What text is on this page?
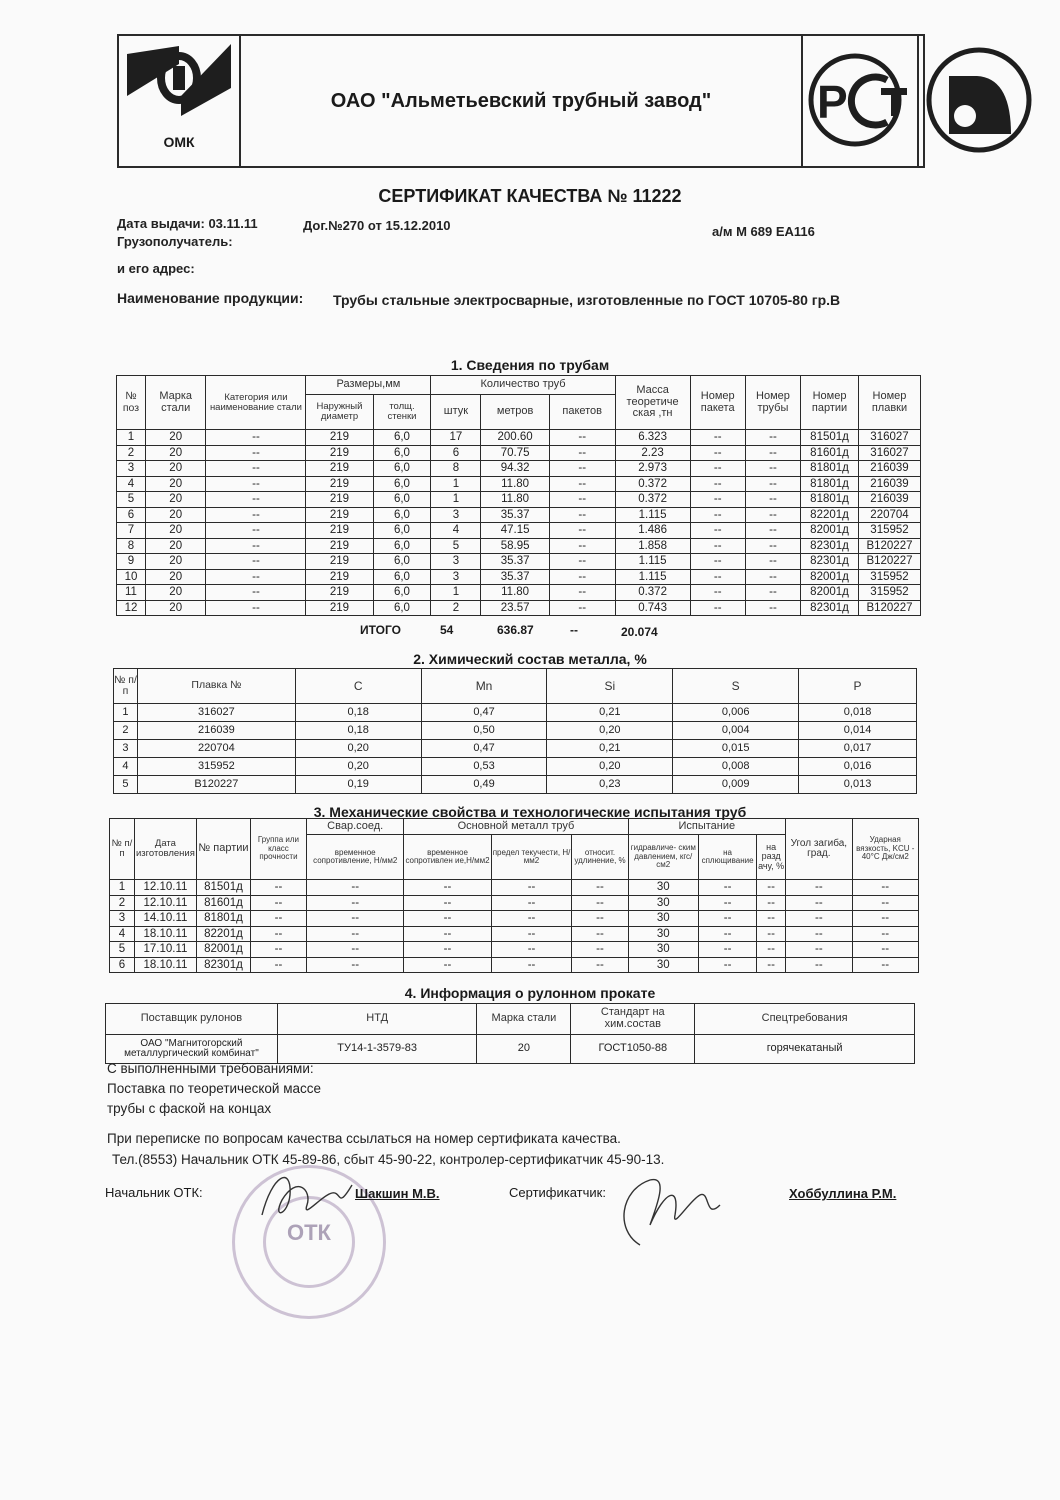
ОМК
ОАО "Альметьевский трубный завод"	Р
СЕРТИФИКАТ КАЧЕСТВА № 11222
Дата выдачи: 03.11.11	Дог.№270 от 15.12.2010	а/м М 689 ЕА116
Грузополучатель:
и его адрес:
Наименование продукции: Трубы стальные электросварные, изготовленные по ГОСТ 10705-80 гр.В
1. Сведения по трубам
№ поз	Марка стали	Категория или наименование стали	Размеры,мм		Количество труб			Масса теоретиче ская ,тн	Номер пакета	Номер трубы	Номер партии	Номер плавки
			Наружный диаметр	толщ. стенки	штук	метров	пакетов					
1	20	--	219	6,0	17	200.60	--	6.323	--	--	81501д	316027
2	20	--	219	6,0	6	70.75	--	2.23	--	--	81601д	316027
3	20	--	219	6,0	8	94.32	--	2.973	--	--	81801д	216039
4	20	--	219	6,0	1	11.80	--	0.372	--	--	81801д	216039
5	20	--	219	6,0	1	11.80	--	0.372	--	--	81801д	216039
6	20	--	219	6,0	3	35.37	--	1.115	--	--	82201д	220704
7	20	--	219	6,0	4	47.15	--	1.486	--	--	82001д	315952
8	20	--	219	6,0	5	58.95	--	1.858	--	--	82301д	В120227
9	20	--	219	6,0	3	35.37	--	1.115	--	--	82301д	В120227
10	20	--	219	6,0	3	35.37	--	1.115	--	--	82001д	315952
11	20	--	219	6,0	1	11.80	--	0.372	--	--	82001д	315952
12	20	--	219	6,0	2	23.57	--	0.743	--	--	82301д	В120227
ИТОГО	54	636.87	--	20.074
2. Химический состав металла, %
№ п/п	Плавка №	C	Mn	Si	S	P
1	316027	0,18	0,47	0,21	0,006	0,018
2	216039	0,18	0,50	0,20	0,004	0,014
3	220704	0,20	0,47	0,21	0,015	0,017
4	315952	0,20	0,53	0,20	0,008	0,016
5	В120227	0,19	0,49	0,23	0,009	0,013
3. Механические свойства и технологические испытания труб
№ п/п	Дата изготовления	№ партии	Группа или класс прочности	Свар.соед.	Основной металл труб			Испытание			Угол загиба, град.	Ударная вязкость, KCU - 40°С Дж/см2
				временное сопротивление, Н/мм2	временное сопротивлен ие,Н/мм2	предел текучести, Н/мм2	относит. удлинение, %	гидравличе- ским давлением, кгс/см2	на сплющивание	на разд ачу, %		
1	12.10.11	81501д	--	--	--	--	--	30	--	--	--	--
2	12.10.11	81601д	--	--	--	--	--	30	--	--	--	--
3	14.10.11	81801д	--	--	--	--	--	30	--	--	--	--
4	18.10.11	82201д	--	--	--	--	--	30	--	--	--	--
5	17.10.11	82001д	--	--	--	--	--	30	--	--	--	--
6	18.10.11	82301д	--	--	--	--	--	30	--	--	--	--
4. Информация о рулонном прокате
Поставщик рулонов	НТД	Марка стали	Стандарт на хим.состав	Спецтребования
ОАО "Магнитогорский металлургический комбинат"	ТУ14-1-3579-83	20	ГОСТ1050-88	горячекатаный
С выполненными требованиями:
Поставка по теоретической массе
трубы с фаской на концах
При переписке по вопросам качества ссылаться на номер сертификата качества.
Тел.(8553) Начальник ОТК 45-89-86, сбыт 45-90-22, контролер-сертификатчик 45-90-13.
ОТК
Начальник ОТК:	Шакшин М.В.	Сертификатчик:	Хоббуллина Р.М.
